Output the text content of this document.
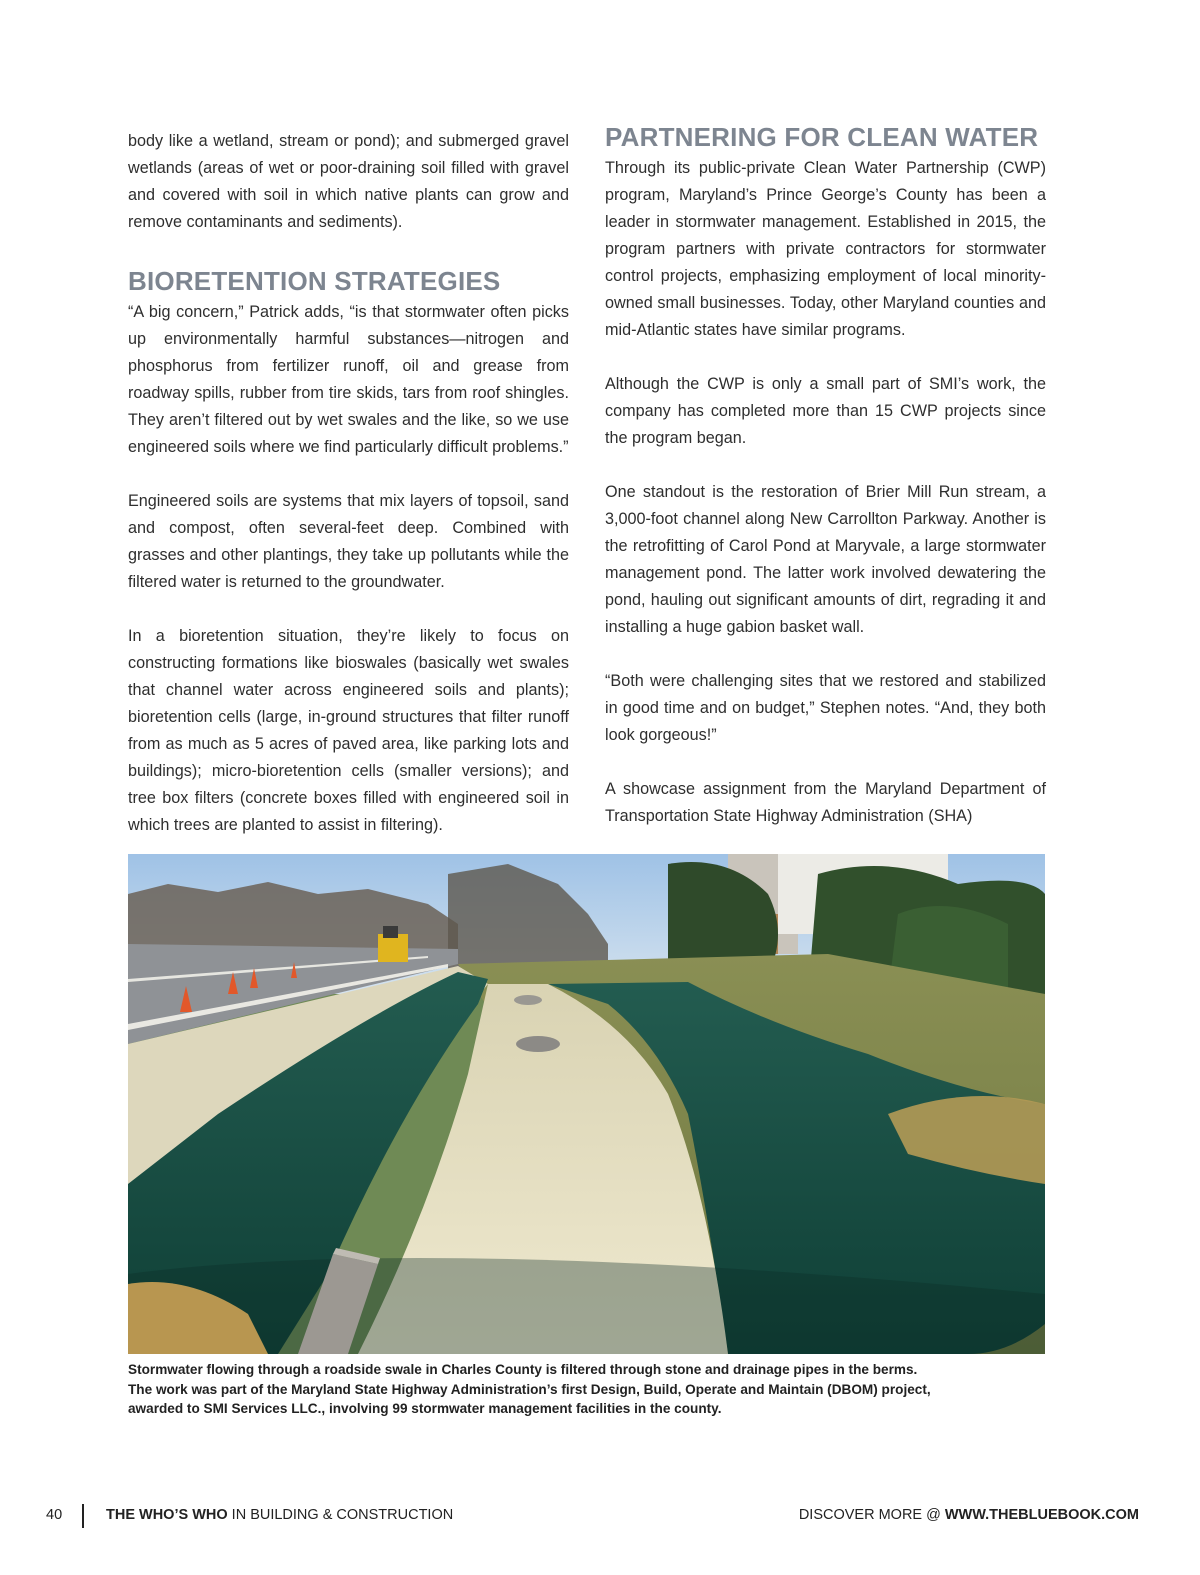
body like a wetland, stream or pond); and submerged gravel wetlands (areas of wet or poor-draining soil filled with gravel and covered with soil in which native plants can grow and remove contaminants and sediments).

BIORETENTION STRATEGIES

“A big concern,” Patrick adds, “is that stormwater often picks up environmentally harmful substances—nitrogen and phosphorus from fertilizer runoff, oil and grease from roadway spills, rubber from tire skids, tars from roof shingles. They aren’t filtered out by wet swales and the like, so we use engineered soils where we find particularly difficult problems.”

Engineered soils are systems that mix layers of topsoil, sand and compost, often several-feet deep. Combined with grasses and other plantings, they take up pollutants while the filtered water is returned to the groundwater.

In a bioretention situation, they’re likely to focus on constructing formations like bioswales (basically wet swales that channel water across engineered soils and plants); bioretention cells (large, in-ground structures that filter runoff from as much as 5 acres of paved area, like parking lots and buildings); micro-bioretention cells (smaller versions); and tree box filters (concrete boxes filled with engineered soil in which trees are planted to assist in filtering).

PARTNERING FOR CLEAN WATER

Through its public-private Clean Water Partnership (CWP) program, Maryland’s Prince George’s County has been a leader in stormwater management. Established in 2015, the program partners with private contractors for stormwater control projects, emphasizing employment of local minority-owned small businesses. Today, other Maryland counties and mid-Atlantic states have similar programs.

Although the CWP is only a small part of SMI’s work, the company has completed more than 15 CWP projects since the program began.

One standout is the restoration of Brier Mill Run stream, a 3,000-foot channel along New Carrollton Parkway. Another is the retrofitting of Carol Pond at Maryvale, a large stormwater management pond. The latter work involved dewatering the pond, hauling out significant amounts of dirt, regrading it and installing a huge gabion basket wall.

“Both were challenging sites that we restored and stabilized in good time and on budget,” Stephen notes. “And, they both look gorgeous!”

A showcase assignment from the Maryland Department of Transportation State Highway Administration (SHA)

Stormwater flowing through a roadside swale in Charles County is filtered through stone and drainage pipes in the berms.

The work was part of the Maryland State Highway Administration’s first Design, Build, Operate and Maintain (DBOM) project,

awarded to SMI Services LLC., involving 99 stormwater management facilities in the county.

40	THE WHO’S WHO IN BUILDING & CONSTRUCTION	DISCOVER MORE @ WWW.THEBLUEBOOK.COM
